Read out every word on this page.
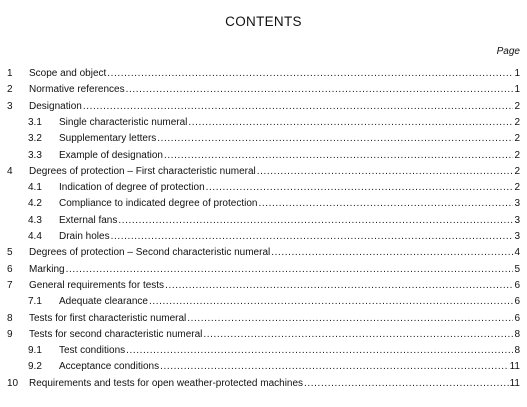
CONTENTS
Page
1 Scope and object .....	1
2 Normative references .....	1
3 Designation .....	2
3.1 Single characteristic numeral .....	2
3.2 Supplementary letters .....	2
3.3 Example of designation .....	2
4 Degrees of protection – First characteristic numeral .....	2
4.1 Indication of degree of protection .....	2
4.2 Compliance to indicated degree of protection .....	3
4.3 External fans .....	3
4.4 Drain holes .....	3
5 Degrees of protection – Second characteristic numeral .....	4
6 Marking .....	5
7 General requirements for tests .....	6
7.1 Adequate clearance .....	6
8 Tests for first characteristic numeral .....	6
9 Tests for second characteristic numeral .....	8
9.1 Test conditions .....	8
9.2 Acceptance conditions .....	11
10 Requirements and tests for open weather-protected machines .....	11
